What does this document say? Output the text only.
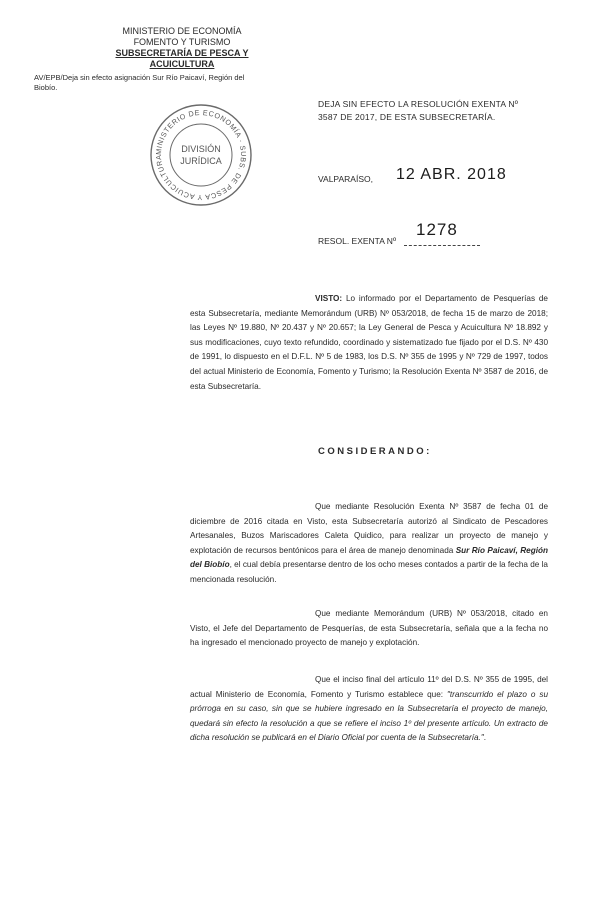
MINISTERIO DE ECONOMÍA
FOMENTO Y TURISMO
SUBSECRETARÍA DE PESCA Y ACUICULTURA
AV/EPB/Deja sin efecto asignación Sur Río Paicaví, Región del Biobío.
MINISTERIO DE ECONOMÍA · SUBS. DE PESCA Y ACUICULTURA
DIVISIÓN
JURÍDICA
DEJA SIN EFECTO LA RESOLUCIÓN EXENTA Nº 3587 DE 2017, DE ESTA SUBSECRETARÍA.
VALPARAÍSO, 12 ABR. 2018
RESOL. EXENTA Nº
1278
VISTO: Lo informado por el Departamento de Pesquerías de esta Subsecretaría, mediante Memorándum (URB) Nº 053/2018, de fecha 15 de marzo de 2018; las Leyes Nº 19.880, Nº 20.437 y Nº 20.657; la Ley General de Pesca y Acuicultura Nº 18.892 y sus modificaciones, cuyo texto refundido, coordinado y sistematizado fue fijado por el D.S. Nº 430 de 1991, lo dispuesto en el D.F.L. Nº 5 de 1983, los D.S. Nº 355 de 1995 y Nº 729 de 1997, todos del actual Ministerio de Economía, Fomento y Turismo; la Resolución Exenta Nº 3587 de 2016, de esta Subsecretaría.
CONSIDERANDO:
Que mediante Resolución Exenta Nº 3587 de fecha 01 de diciembre de 2016 citada en Visto, esta Subsecretaría autorizó al Sindicato de Pescadores Artesanales, Buzos Mariscadores Caleta Quidico, para realizar un proyecto de manejo y explotación de recursos bentónicos para el área de manejo denominada Sur Río Paicaví, Región del Biobío, el cual debía presentarse dentro de los ocho meses contados a partir de la fecha de la mencionada resolución.
Que mediante Memorándum (URB) Nº 053/2018, citado en Visto, el Jefe del Departamento de Pesquerías, de esta Subsecretaría, señala que a la fecha no ha ingresado el mencionado proyecto de manejo y explotación.
Que el inciso final del artículo 11º del D.S. Nº 355 de 1995, del actual Ministerio de Economía, Fomento y Turismo establece que: "transcurrido el plazo o su prórroga en su caso, sin que se hubiere ingresado en la Subsecretaría el proyecto de manejo, quedará sin efecto la resolución a que se refiere el inciso 1º del presente artículo. Un extracto de dicha resolución se publicará en el Diario Oficial por cuenta de la Subsecretaría.".
